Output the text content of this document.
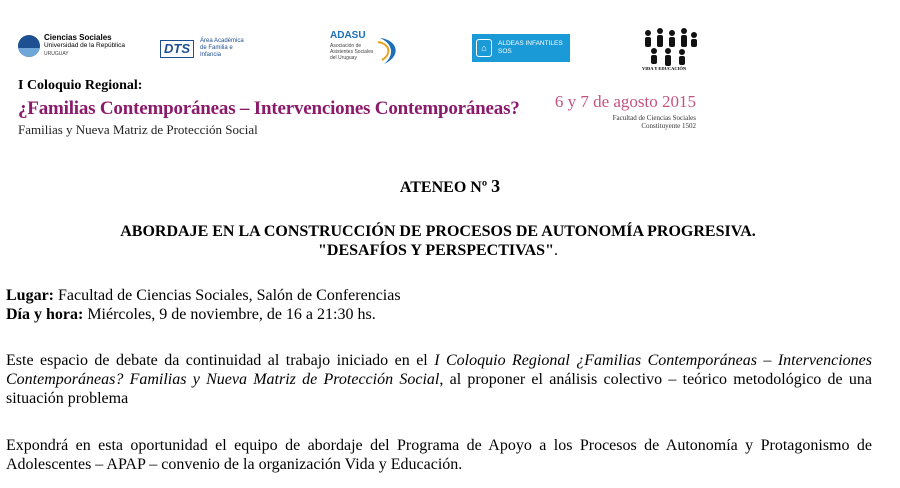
Ciencias Sociales
Universidad de la República
URUGUAY	DTS	Área Académica de Familia e Infancia
ADASU
Asociación de Asistentes Sociales del Uruguay
⌂	ALDEAS INFANTILES SOS
VIDA Y EDUCACIÓN
I Coloquio Regional:
¿Familias Contemporáneas – Intervenciones Contemporáneas?
Familias y Nueva Matriz de Protección Social
6 y 7 de agosto 2015
Facultad de Ciencias Sociales
Constituyente 1502
ATENEO Nº 3
ABORDAJE EN LA CONSTRUCCIÓN DE PROCESOS DE AUTONOMÍA PROGRESIVA.
"DESAFÍOS Y PERSPECTIVAS".
Lugar: Facultad de Ciencias Sociales, Salón de Conferencias
Día y hora: Miércoles, 9 de noviembre, de 16 a 21:30 hs.
Este espacio de debate da continuidad al trabajo iniciado en el I Coloquio Regional ¿Familias Contemporáneas – Intervenciones Contemporáneas? Familias y Nueva Matriz de Protección Social, al proponer el análisis colectivo – teórico metodológico de una situación problema
Expondrá en esta oportunidad el equipo de abordaje del Programa de Apoyo a los Procesos de Autonomía y Protagonismo de Adolescentes – APAP – convenio de la organización Vida y Educación.
